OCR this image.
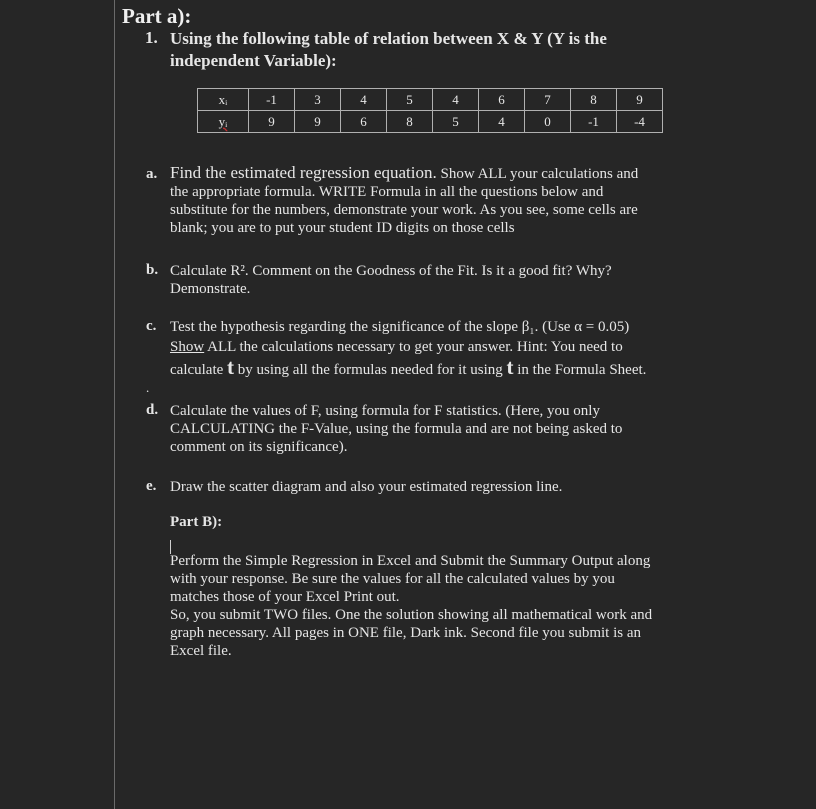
Part a):
1. Using the following table of relation between X & Y (Y is the
independent Variable):
xᵢ	-1	3	4	5	4	6	7	8	9
yᵢ	9	9	6	8	5	4	0	-1	-4
a. Find the estimated regression equation. Show ALL your calculations and
the appropriate formula. WRITE Formula in all the questions below and
substitute for the numbers, demonstrate your work. As you see, some cells are
blank; you are to put your student ID digits on those cells
b. Calculate R². Comment on the Goodness of the Fit. Is it a good fit? Why?
Demonstrate.
c. Test the hypothesis regarding the significance of the slope β₁. (Use α = 0.05)
Show ALL the calculations necessary to get your answer. Hint: You need to
calculate t by using all the formulas needed for it using t in the Formula Sheet.
.
d. Calculate the values of F, using formula for F statistics. (Here, you only
CALCULATING the F-Value, using the formula and are not being asked to
comment on its significance).
e. Draw the scatter diagram and also your estimated regression line.
Part B):
Perform the Simple Regression in Excel and Submit the Summary Output along
with your response. Be sure the values for all the calculated values by you
matches those of your Excel Print out.
So, you submit TWO files. One the solution showing all mathematical work and
graph necessary. All pages in ONE file, Dark ink. Second file you submit is an
Excel file.
